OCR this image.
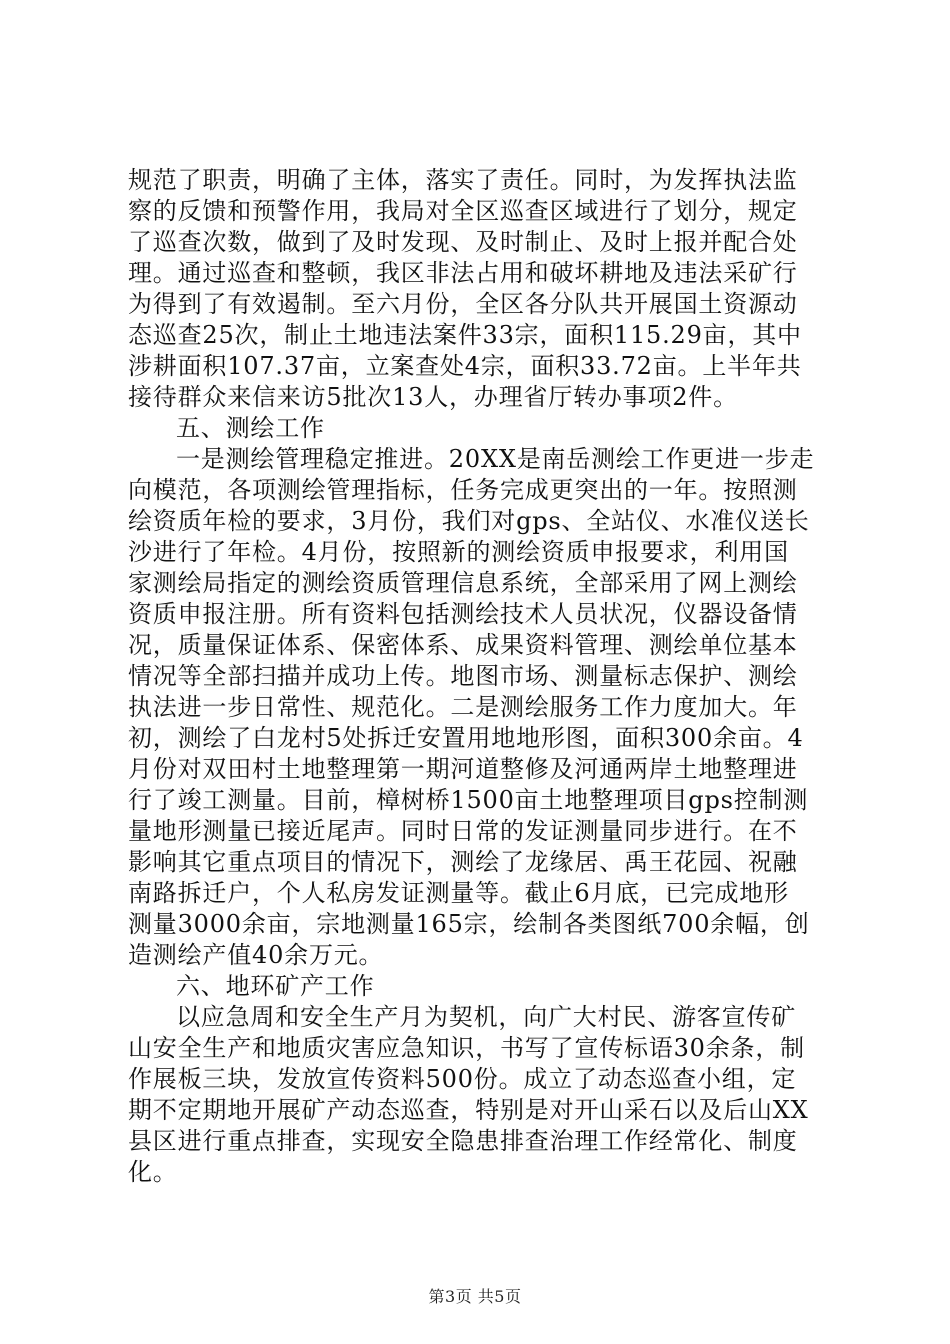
规范了职责，明确了主体，落实了责任。同时，为发挥执法监
察的反馈和预警作用，我局对全区巡查区域进行了划分，规定
了巡查次数，做到了及时发现、及时制止、及时上报并配合处
理。通过巡查和整顿，我区非法占用和破坏耕地及违法采矿行
为得到了有效遏制。至六月份，全区各分队共开展国土资源动
态巡查25次，制止土地违法案件33宗，面积115.29亩，其中
涉耕面积107.37亩，立案查处4宗，面积33.72亩。上半年共
接待群众来信来访5批次13人，办理省厅转办事项2件。
五、测绘工作
一是测绘管理稳定推进。20XX是南岳测绘工作更进一步走
向模范，各项测绘管理指标，任务完成更突出的一年。按照测
绘资质年检的要求，3月份，我们对gps、全站仪、水准仪送长
沙进行了年检。4月份，按照新的测绘资质申报要求，利用国
家测绘局指定的测绘资质管理信息系统，全部采用了网上测绘
资质申报注册。所有资料包括测绘技术人员状况，仪器设备情
况，质量保证体系、保密体系、成果资料管理、测绘单位基本
情况等全部扫描并成功上传。地图市场、测量标志保护、测绘
执法进一步日常性、规范化。二是测绘服务工作力度加大。年
初，测绘了白龙村5处拆迁安置用地地形图，面积300余亩。4
月份对双田村土地整理第一期河道整修及河通两岸土地整理进
行了竣工测量。目前，樟树桥1500亩土地整理项目gps控制测
量地形测量已接近尾声。同时日常的发证测量同步进行。在不
影响其它重点项目的情况下，测绘了龙缘居、禹王花园、祝融
南路拆迁户，个人私房发证测量等。截止6月底，已完成地形
测量3000余亩，宗地测量165宗，绘制各类图纸700余幅，创
造测绘产值40余万元。
六、地环矿产工作
以应急周和安全生产月为契机，向广大村民、游客宣传矿
山安全生产和地质灾害应急知识，书写了宣传标语30余条，制
作展板三块，发放宣传资料500份。成立了动态巡查小组，定
期不定期地开展矿产动态巡查，特别是对开山采石以及后山XX
县区进行重点排查，实现安全隐患排查治理工作经常化、制度
化。
第3页 共5页
